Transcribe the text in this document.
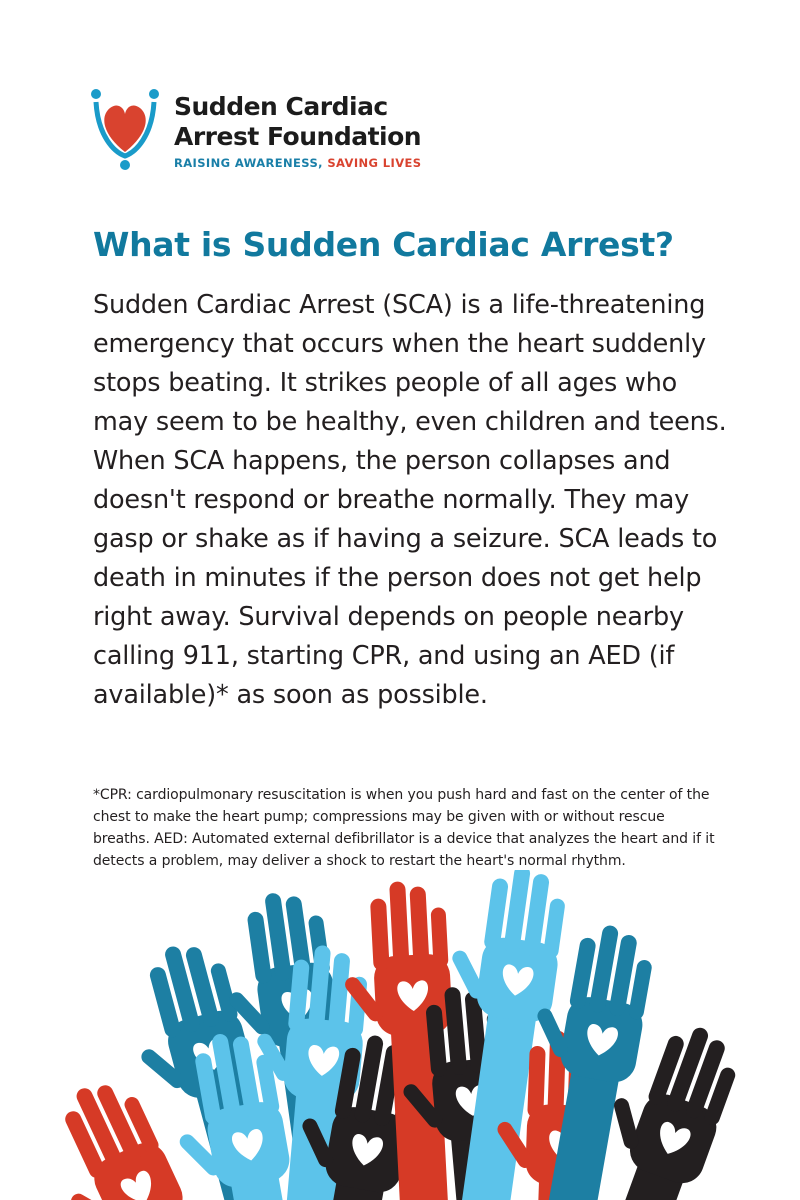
Sudden Cardiac
Arrest Foundation
RAISING AWARENESS, SAVING LIVES
What is Sudden Cardiac Arrest?

Sudden Cardiac Arrest (SCA) is a life-threatening emergency that occurs when the heart suddenly stops beating. It strikes people of all ages who may seem to be healthy, even children and teens. When SCA happens, the person collapses and doesn't respond or breathe normally. They may gasp or shake as if having a seizure. SCA leads to death in minutes if the person does not get help right away. Survival depends on people nearby calling 911, starting CPR, and using an AED (if available)* as soon as possible.

*CPR: cardiopulmonary resuscitation is when you push hard and fast on the center of the chest to make the heart pump; compressions may be given with or without rescue breaths. AED: Automated external defibrillator is a device that analyzes the heart and if it detects a problem, may deliver a shock to restart the heart's normal rhythm.
